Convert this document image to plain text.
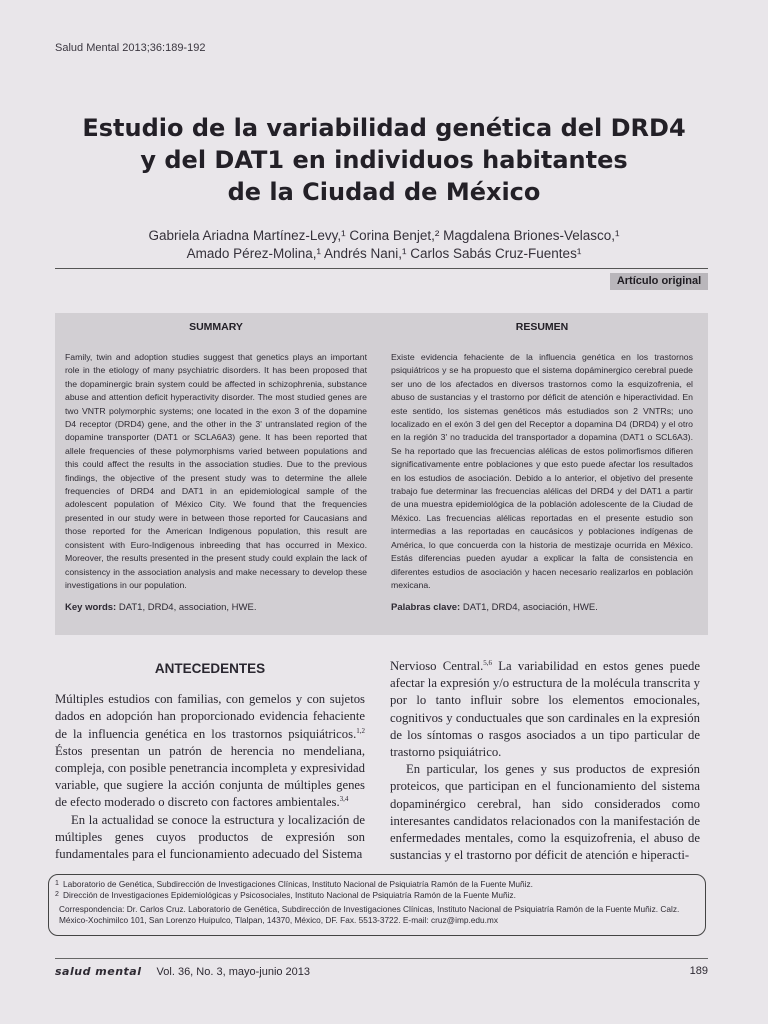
Salud Mental 2013;36:189-192
Estudio de la variabilidad genética del DRD4
y del DAT1 en individuos habitantes
de la Ciudad de México
Gabriela Ariadna Martínez-Levy,¹ Corina Benjet,² Magdalena Briones-Velasco,¹
Amado Pérez-Molina,¹ Andrés Nani,¹ Carlos Sabás Cruz-Fuentes¹
Artículo original
SUMMARY
Family, twin and adoption studies suggest that genetics plays an important role in the etiology of many psychiatric disorders. It has been proposed that the dopaminergic brain system could be affected in schizophrenia, substance abuse and attention deficit hyperactivity disorder. The most studied genes are two VNTR polymorphic systems; one located in the exon 3 of the dopamine D4 receptor (DRD4) gene, and the other in the 3' untranslated region of the dopamine transporter (DAT1 or SCLA6A3) gene. It has been reported that allele frequencies of these polymorphisms varied between populations and this could affect the results in the association studies. Due to the previous findings, the objective of the present study was to determine the allele frequencies of DRD4 and DAT1 in an epidemiological sample of the adolescent population of México City. We found that the frequencies presented in our study were in between those reported for Caucasians and those reported for the American Indigenous population, this result are consistent with Euro-Indigenous inbreeding that has occurred in Mexico. Moreover, the results presented in the present study could explain the lack of consistency in the association analysis and make necessary to develop these investigations in our population.
Key words: DAT1, DRD4, association, HWE.
RESUMEN
Existe evidencia fehaciente de la influencia genética en los trastornos psiquiátricos y se ha propuesto que el sistema dopáminergico cerebral puede ser uno de los afectados en diversos trastornos como la esquizofrenia, el abuso de sustancias y el trastorno por déficit de atención e hiperactividad. En este sentido, los sistemas genéticos más estudiados son 2 VNTRs; uno localizado en el exón 3 del gen del Receptor a dopamina D4 (DRD4) y el otro en la región 3' no traducida del transportador a dopamina (DAT1 o SCL6A3). Se ha reportado que las frecuencias alélicas de estos polimorfismos difieren significativamente entre poblaciones y que esto puede afectar los resultados en los estudios de asociación. Debido a lo anterior, el objetivo del presente trabajo fue determinar las frecuencias alélicas del DRD4 y del DAT1 a partir de una muestra epidemiológica de la población adolescente de la Ciudad de México. Las frecuencias alélicas reportadas en el presente estudio son intermedias a las reportadas en caucásicos y poblaciones indígenas de América, lo que concuerda con la historia de mestizaje ocurrida en México. Estás diferencias pueden ayudar a explicar la falta de consistencia en diferentes estudios de asociación y hacen necesario realizarlos en población mexicana.
Palabras clave: DAT1, DRD4, asociación, HWE.
ANTECEDENTES

Múltiples estudios con familias, con gemelos y con sujetos dados en adopción han proporcionado evidencia fehaciente de la influencia genética en los trastornos psiquiátricos.$^{1,2}$ Éstos presentan un patrón de herencia no mendeliana, compleja, con posible penetrancia incompleta y expresividad variable, que sugiere la acción conjunta de múltiples genes de efecto moderado o discreto con factores ambientales.$^{3,4}$

En la actualidad se conoce la estructura y localización de múltiples genes cuyos productos de expresión son fundamentales para el funcionamiento adecuado del Sistema

Nervioso Central.$^{5,6}$ La variabilidad en estos genes puede afectar la expresión y/o estructura de la molécula transcrita y por lo tanto influir sobre los elementos emocionales, cognitivos y conductuales que son cardinales en la expresión de los síntomas o rasgos asociados a un tipo particular de trastorno psiquiátrico.

En particular, los genes y sus productos de expresión proteicos, que participan en el funcionamiento del sistema dopaminérgico cerebral, han sido considerados como interesantes candidatos relacionados con la manifestación de enfermedades mentales, como la esquizofrenia, el abuso de sustancias y el trastorno por déficit de atención e hiperacti-

1 Laboratorio de Genética, Subdirección de Investigaciones Clínicas, Instituto Nacional de Psiquiatría Ramón de la Fuente Muñiz.
2 Dirección de Investigaciones Epidemiológicas y Psicosociales, Instituto Nacional de Psiquiatría Ramón de la Fuente Muñiz.
Correspondencia: Dr. Carlos Cruz. Laboratorio de Genética, Subdirección de Investigaciones Clínicas, Instituto Nacional de Psiquiatría Ramón de la Fuente Muñiz. Calz. México-Xochimilco 101, San Lorenzo Huipulco, Tlalpan, 14370, México, DF. Fax. 5513-3722. E-mail: cruz@imp.edu.mx
salud mental Vol. 36, No. 3, mayo-junio 2013	189
